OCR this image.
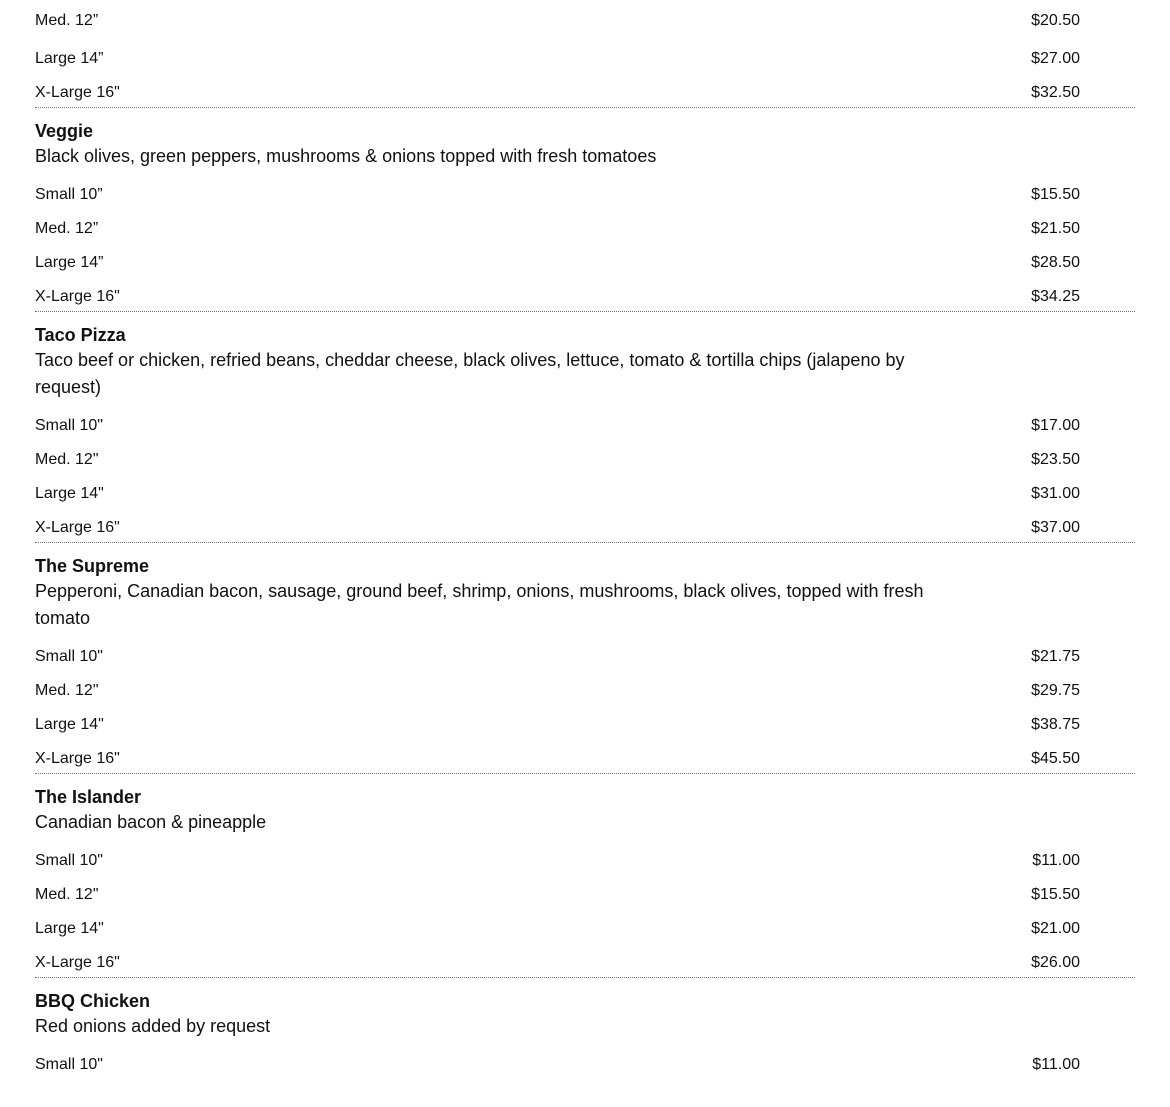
Med. 12”	$20.50
Large 14”	$27.00
X-Large 16"	$32.50
Veggie
Black olives, green peppers, mushrooms & onions topped with fresh tomatoes
Small 10”	$15.50
Med. 12”	$21.50
Large 14”	$28.50
X-Large 16"	$34.25
Taco Pizza
Taco beef or chicken, refried beans, cheddar cheese, black olives, lettuce, tomato & tortilla chips (jalapeno by request)
Small 10"	$17.00
Med. 12"	$23.50
Large 14"	$31.00
X-Large 16"	$37.00
The Supreme
Pepperoni, Canadian bacon, sausage, ground beef, shrimp, onions, mushrooms, black olives, topped with fresh tomato
Small 10"	$21.75
Med. 12"	$29.75
Large 14"	$38.75
X-Large 16"	$45.50
The Islander
Canadian bacon & pineapple
Small 10"	$11.00
Med. 12"	$15.50
Large 14"	$21.00
X-Large 16"	$26.00
BBQ Chicken
Red onions added by request
Small 10"	$11.00
